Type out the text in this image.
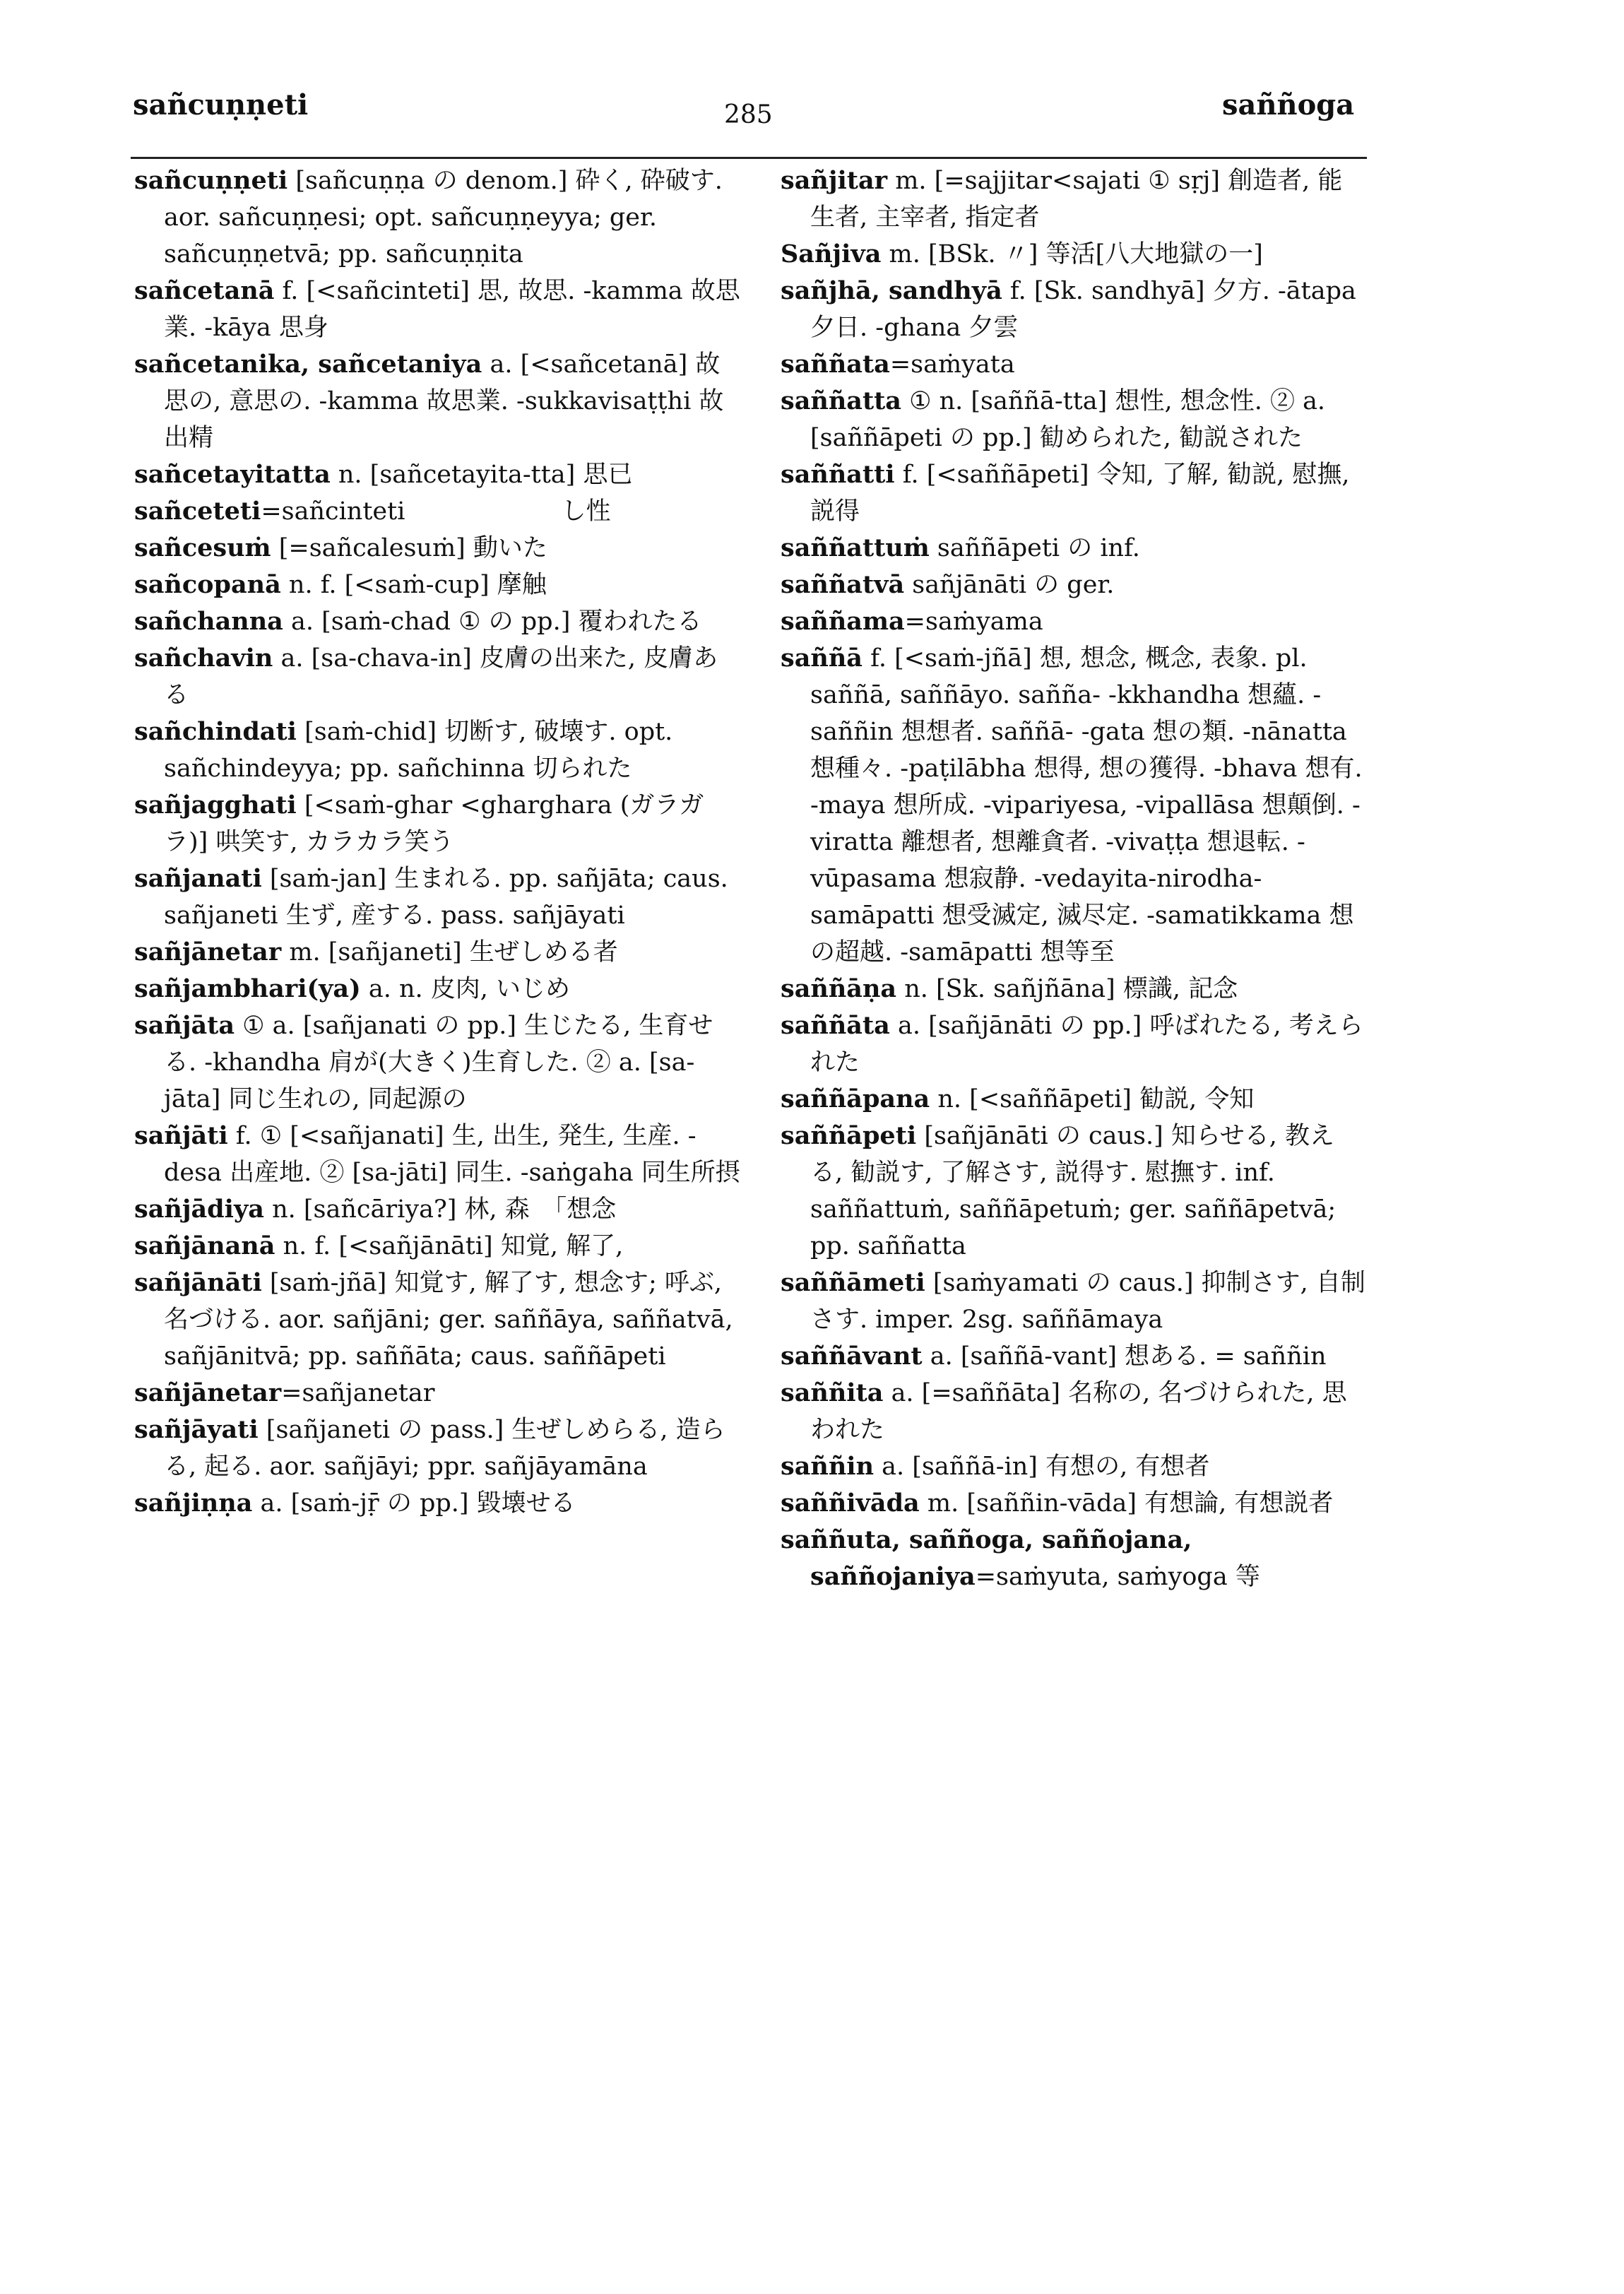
sañcuṇṇeti	285	saññoga

sañcuṇṇeti [sañcuṇṇa の denom.] 砕く, 砕破す. aor. sañcuṇṇesi; opt. sañcuṇṇeyya; ger. sañcuṇṇetvā; pp. sañcuṇṇita

sañcetanā f. [<sañcinteti] 思, 故思. -kamma 故思業. -kāya 思身

sañcetanika, sañcetaniya a. [<sañcetanā] 故思の, 意思の. -kamma 故思業. -sukkavisaṭṭhi 故出精

sañcetayitatta n. [sañcetayita-tta] 思已

sañceteti=sañcinteti　　　　　　 し性

sañcesuṁ [=sañcalesuṁ] 動いた

sañcopanā n. f. [<saṁ-cup] 摩触

sañchanna a. [saṁ-chad ① の pp.] 覆われたる

sañchavin a. [sa-chava-in] 皮膚の出来た, 皮膚ある

sañchindati [saṁ-chid] 切断す, 破壊す. opt. sañchindeyya; pp. sañchinna 切られた

sañjagghati [<saṁ-ghar <gharghara (ガラガラ)] 哄笑す, カラカラ笑う

sañjanati [saṁ-jan] 生まれる. pp. sañjāta; caus. sañjaneti 生ず, 産する. pass. sañjāyati

sañjānetar m. [sañjaneti] 生ぜしめる者

sañjambhari(ya) a. n. 皮肉, いじめ

sañjāta ① a. [sañjanati の pp.] 生じたる, 生育せる. -khandha 肩が(大きく)生育した. ② a. [sa-jāta] 同じ生れの, 同起源の

sañjāti f. ① [<sañjanati] 生, 出生, 発生, 生産. -desa 出産地. ② [sa-jāti] 同生. -saṅgaha 同生所摂

sañjādiya n. [sañcāriya?] 林, 森　「想念

sañjānanā n. f. [<sañjānāti] 知覚, 解了,

sañjānāti [saṁ-jñā] 知覚す, 解了す, 想念す; 呼ぶ, 名づける. aor. sañjāni; ger. saññāya, saññatvā, sañjānitvā; pp. saññāta; caus. saññāpeti

sañjānetar=sañjanetar

sañjāyati [sañjaneti の pass.] 生ぜしめらる, 造らる, 起る. aor. sañjāyi; ppr. sañjāyamāna

sañjiṇṇa a. [saṁ-jṝ の pp.] 毀壊せる

sañjitar m. [=sajjitar<sajati ① sṛj] 創造者, 能生者, 主宰者, 指定者

Sañjiva m. [BSk. 〃] 等活[八大地獄の一]

sañjhā, sandhyā f. [Sk. sandhyā] 夕方. -ātapa 夕日. -ghana 夕雲

saññata=saṁyata

saññatta ① n. [saññā-tta] 想性, 想念性. ② a. [saññāpeti の pp.] 勧められた, 勧説された

saññatti f. [<saññāpeti] 令知, 了解, 勧説, 慰撫, 説得

saññattuṁ saññāpeti の inf.

saññatvā sañjānāti の ger.

saññama=saṁyama

saññā f. [<saṁ-jñā] 想, 想念, 概念, 表象. pl. saññā, saññāyo. sañña- -kkhandha 想蘊. -saññin 想想者. saññā- -gata 想の類. -nānatta 想種々. -paṭilābha 想得, 想の獲得. -bhava 想有. -maya 想所成. -vipariyesa, -vipallāsa 想顛倒. -viratta 離想者, 想離貪者. -vivaṭṭa 想退転. -vūpasama 想寂静. -vedayita-nirodha-samāpatti 想受滅定, 滅尽定. -samatikkama 想の超越. -samāpatti 想等至

saññāṇa n. [Sk. sañjñāna] 標識, 記念

saññāta a. [sañjānāti の pp.] 呼ばれたる, 考えられた

saññāpana n. [<saññāpeti] 勧説, 令知

saññāpeti [sañjānāti の caus.] 知らせる, 教える, 勧説す, 了解さす, 説得す. 慰撫す. inf. saññattuṁ, saññāpetuṁ; ger. saññāpetvā; pp. saññatta

saññāmeti [saṁyamati の caus.] 抑制さす, 自制さす. imper. 2sg. saññāmaya

saññāvant a. [saññā-vant] 想ある. = saññin

saññita a. [=saññāta] 名称の, 名づけられた, 思われた

saññin a. [saññā-in] 有想の, 有想者

saññivāda m. [saññin-vāda] 有想論, 有想説者

saññuta, saññoga, saññojana, saññojaniya=saṁyuta, saṁyoga 等
